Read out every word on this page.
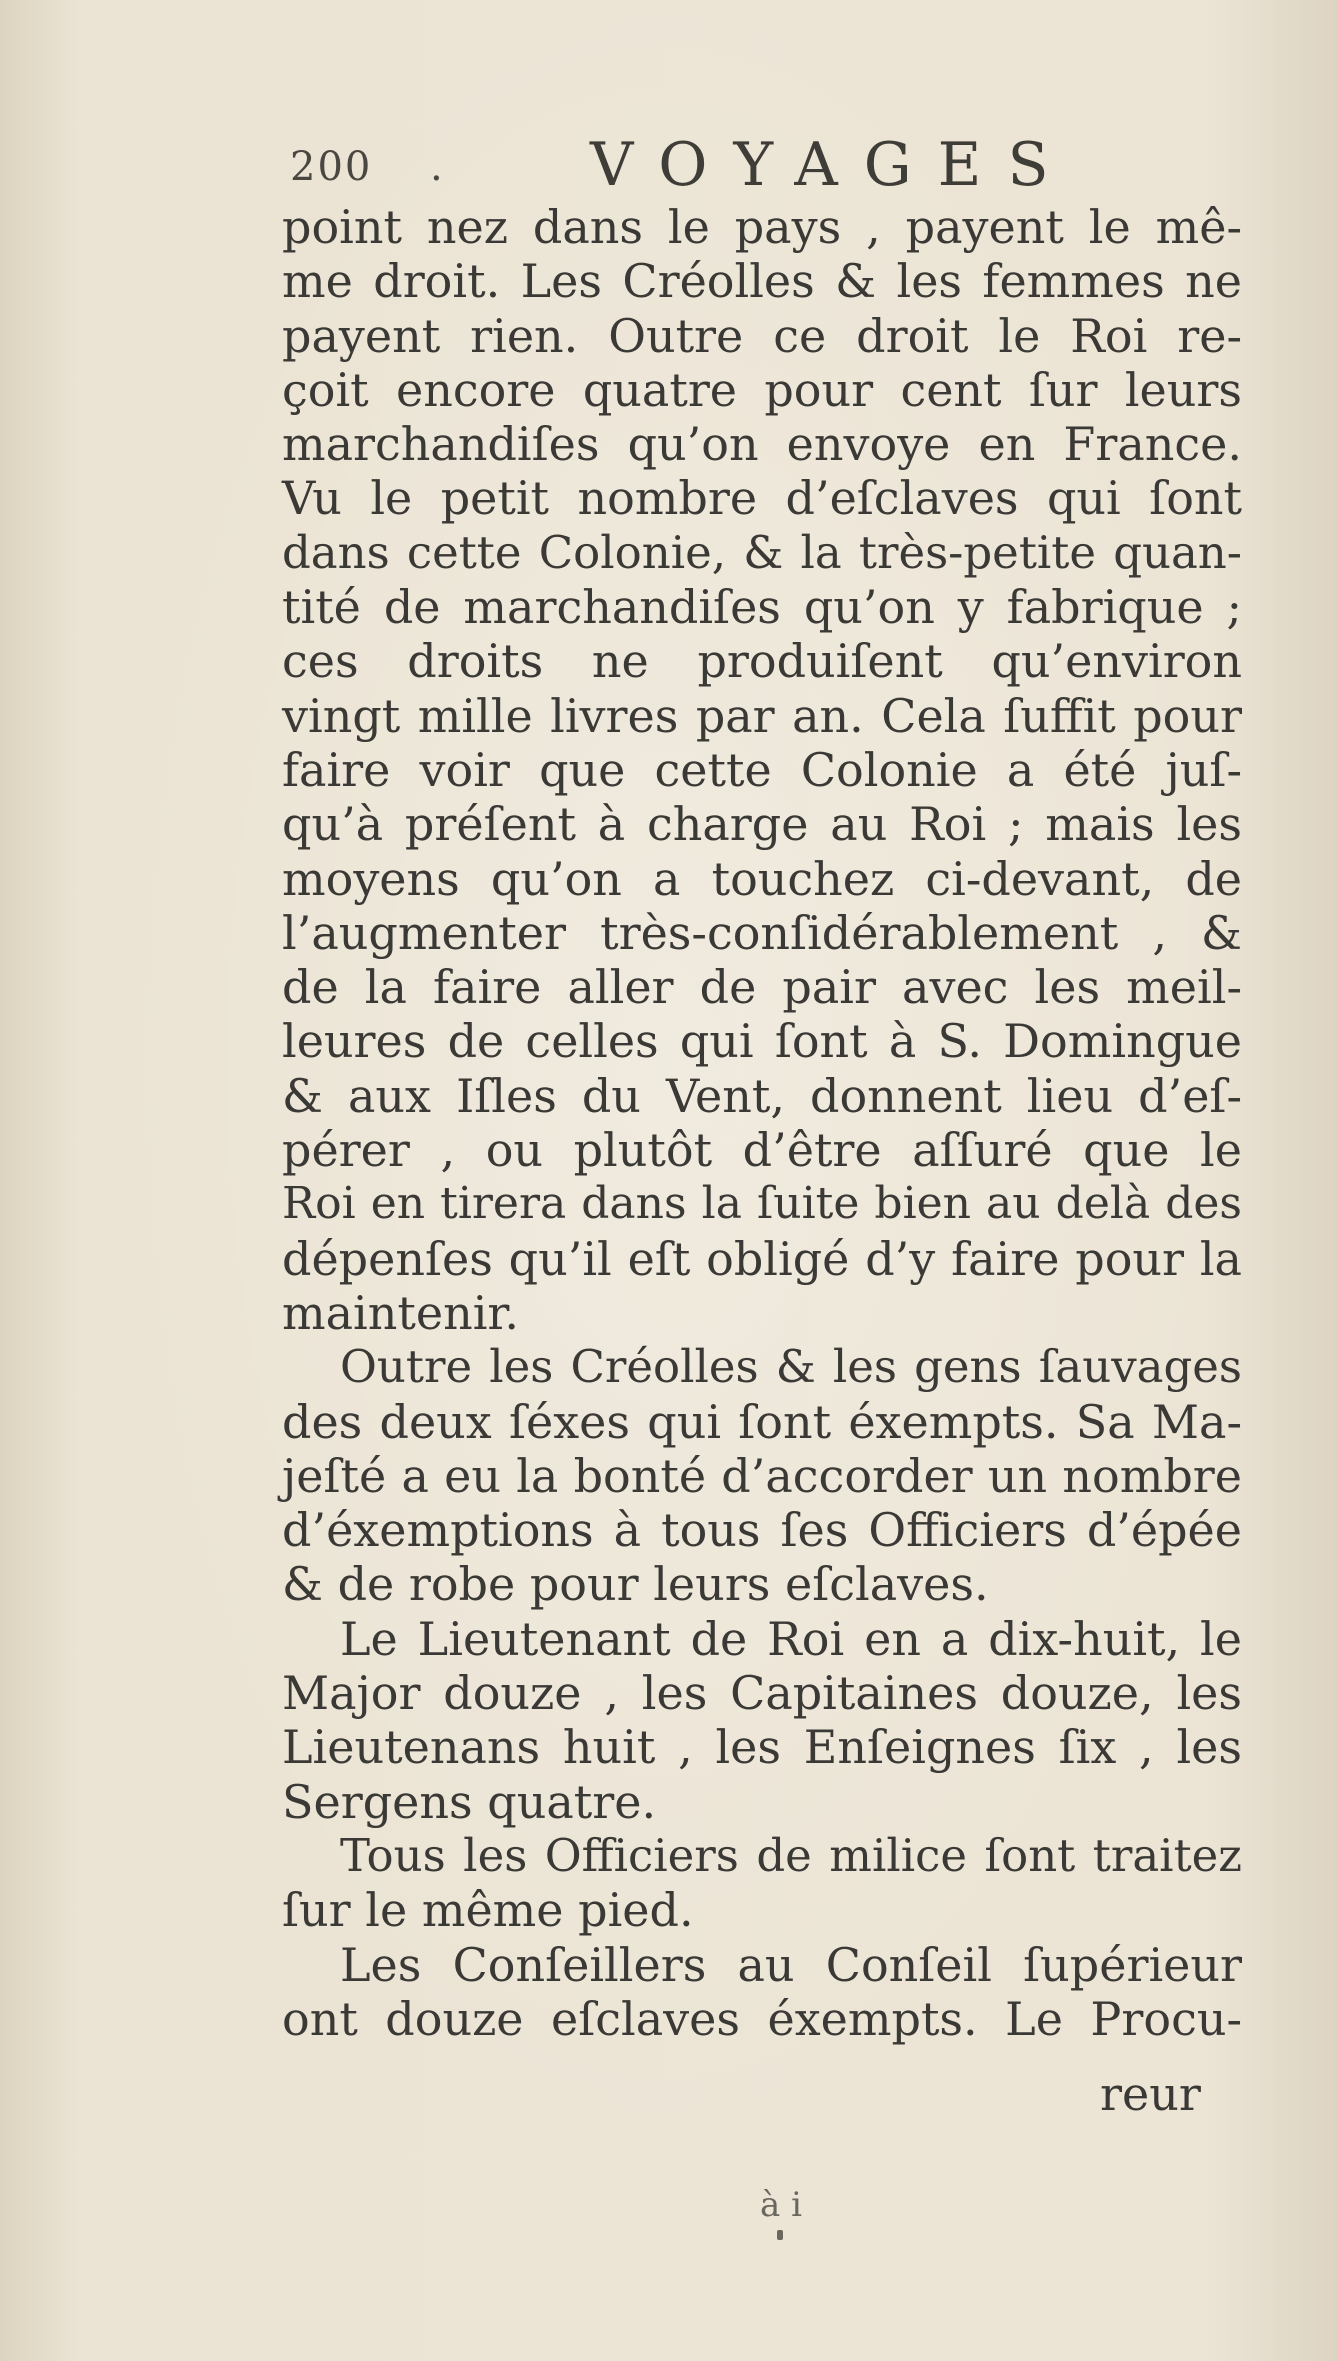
200 . VOYAGES
point nez dans le pays , payent le mê-
me droit. Les Créolles & les femmes ne
payent rien. Outre ce droit le Roi re-
çoit encore quatre pour cent ſur leurs
marchandiſes qu’on envoye en France.
Vu le petit nombre d’eſclaves qui ſont
dans cette Colonie, & la très-petite quan-
tité de marchandiſes qu’on y fabrique ;
ces droits ne produiſent qu’environ
vingt mille livres par an. Cela ſuffit pour
faire voir que cette Colonie a été juſ-
qu’à préſent à charge au Roi ; mais les
moyens qu’on a touchez ci-devant, de
l’augmenter très-conſidérablement , &
de la faire aller de pair avec les meil-
leures de celles qui ſont à S. Domingue
& aux Iſles du Vent, donnent lieu d’eſ-
pérer , ou plutôt d’être aſſuré que le
Roi en tirera dans la ſuite bien au delà des
dépenſes qu’il eſt obligé d’y faire pour la
maintenir.
Outre les Créolles & les gens ſauvages
des deux ſéxes qui ſont éxempts. Sa Ma-
jeſté a eu la bonté d’accorder un nombre
d’éxemptions à tous ſes Officiers d’épée
& de robe pour leurs eſclaves.
Le Lieutenant de Roi en a dix-huit, le
Major douze , les Capitaines douze, les
Lieutenans huit , les Enſeignes ſix , les
Sergens quatre.
Tous les Officiers de milice ſont traitez
ſur le même pied.
Les Conſeillers au Conſeil ſupérieur
ont douze eſclaves éxempts. Le Procu-
reur
à i
